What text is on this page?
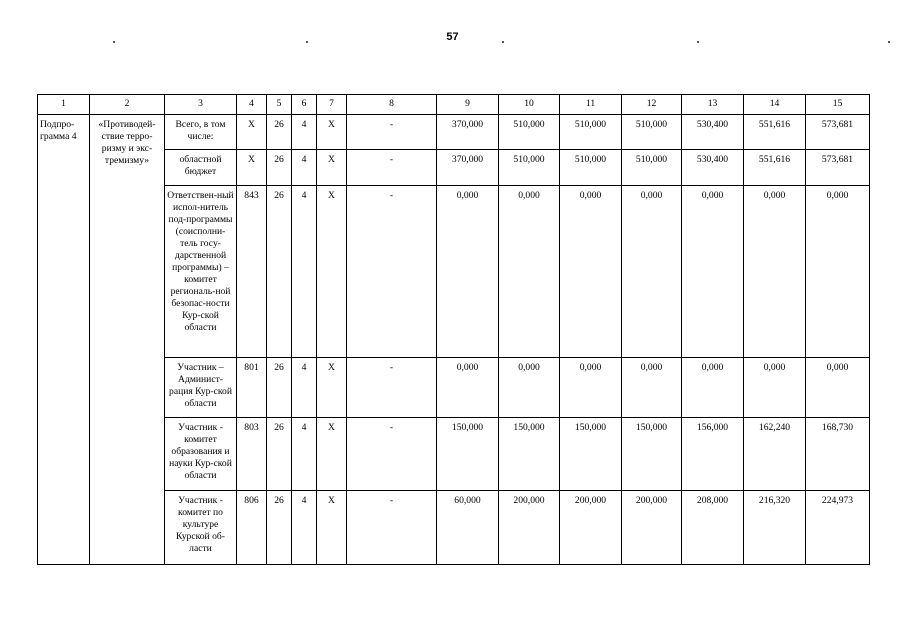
57
1	2	3	4	5	6	7	8	9	10	11	12	13	14	15
Подпро-грамма 4	«Противодей-ствие терро-ризму и экс-тремизму»	Всего, в том числе:	X	26	4	X	-	370,000	510,000	510,000	510,000	530,400	551,616	573,681
		областной бюджет	X	26	4	X	-	370,000	510,000	510,000	510,000	530,400	551,616	573,681
		Ответствен-ный испол-нитель под-программы (соисполни-тель госу-дарственной программы) – комитет региональ-ной безопас-ности Кур-ской области	843	26	4	X	-	0,000	0,000	0,000	0,000	0,000	0,000	0,000
		Участник – Админист-рация Кур-ской области	801	26	4	X	-	0,000	0,000	0,000	0,000	0,000	0,000	0,000
		Участник - комитет образования и науки Кур-ской области	803	26	4	X	-	150,000	150,000	150,000	150,000	156,000	162,240	168,730
		Участник - комитет по культуре Курской об-ласти	806	26	4	X	-	60,000	200,000	200,000	200,000	208,000	216,320	224,973
